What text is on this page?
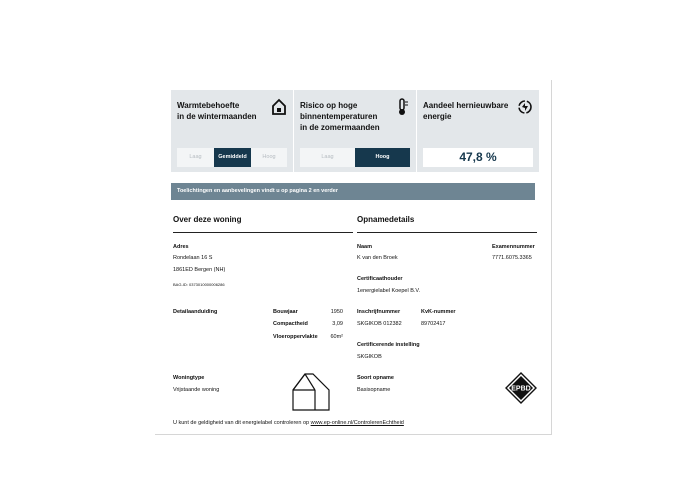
Warmtebehoefte
in de wintermaanden
Laag	Gemiddeld	Hoog
Risico op hoge
binnentemperaturen
in de zomermaanden
Laag	Hoog
Aandeel hernieuwbare
energie
47,8 %
Toelichtingen en aanbevelingen vindt u op pagina 2 en verder
Over deze woning
Adres
Rondelaan 16 S
1861ED Bergen (NH)
BAG-ID: 0373010000006286
Detailaanduiding	Bouwjaar	1950
Compactheid	3,09
Vloeroppervlakte	60m²
Woningtype
Vrijstaande woning
Opnamedetails
Naam
K van den Broek
Examennummer
7771.6075.3365
Certificaathouder
1energielabel Koepel B.V.
Inschrijfnummer
SKGIKOB 012382
KvK-nummer
89702417
Certificerende instelling
SKGIKOB
Soort opname
Basisopname	EPBD
U kunt de geldigheid van dit energielabel controleren op www.ep-online.nl/ControlerenEchtheid
